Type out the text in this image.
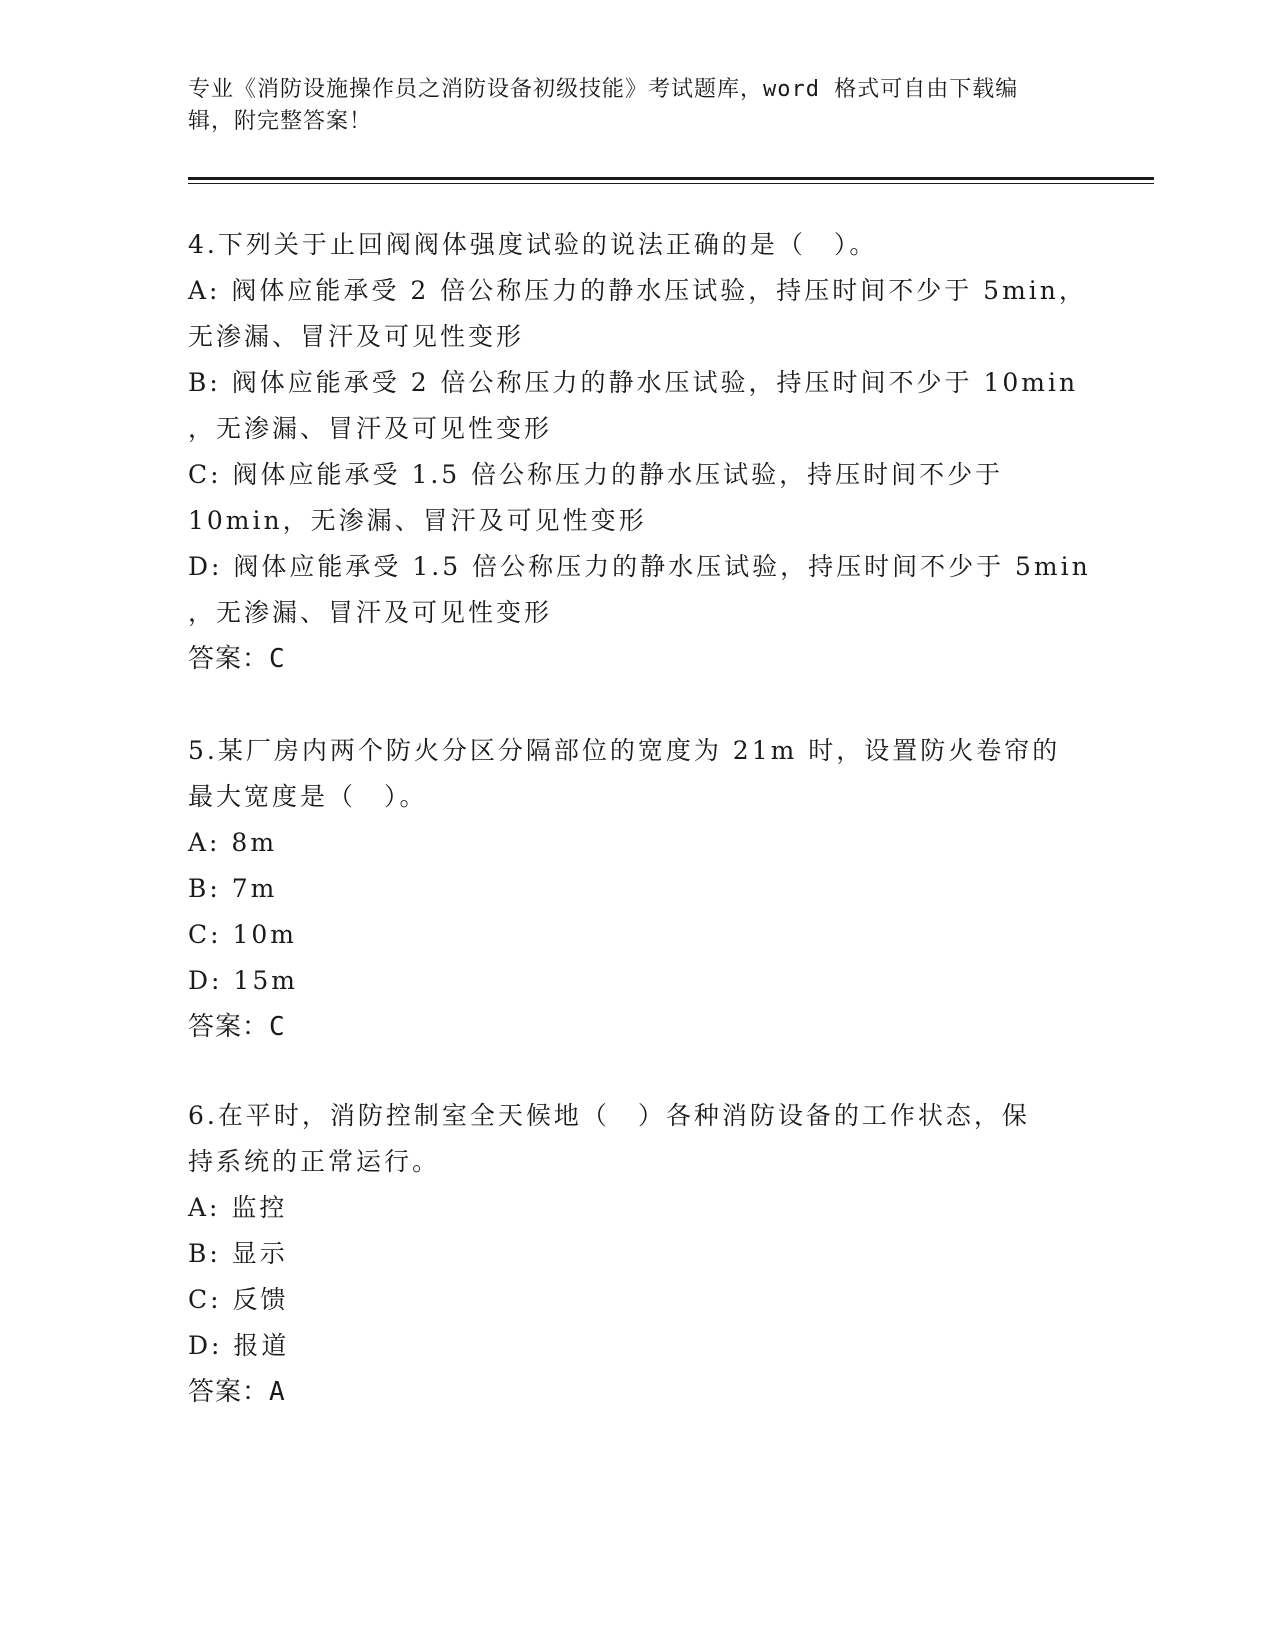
专业《消防设施操作员之消防设备初级技能》考试题库，word 格式可自由下载编
辑，附完整答案！
4.下列关于止回阀阀体强度试验的说法正确的是（　）。
A: 阀体应能承受 2 倍公称压力的静水压试验，持压时间不少于 5min，
无渗漏、冒汗及可见性变形
B: 阀体应能承受 2 倍公称压力的静水压试验，持压时间不少于 10min
，无渗漏、冒汗及可见性变形
C: 阀体应能承受 1.5 倍公称压力的静水压试验，持压时间不少于
10min，无渗漏、冒汗及可见性变形
D: 阀体应能承受 1.5 倍公称压力的静水压试验，持压时间不少于 5min
，无渗漏、冒汗及可见性变形
答案：C
5.某厂房内两个防火分区分隔部位的宽度为 21m 时，设置防火卷帘的
最大宽度是（　）。
A: 8m
B: 7m
C: 10m
D: 15m
答案：C
6.在平时，消防控制室全天候地（　）各种消防设备的工作状态，保
持系统的正常运行。
A: 监控
B: 显示
C: 反馈
D: 报道
答案：A
